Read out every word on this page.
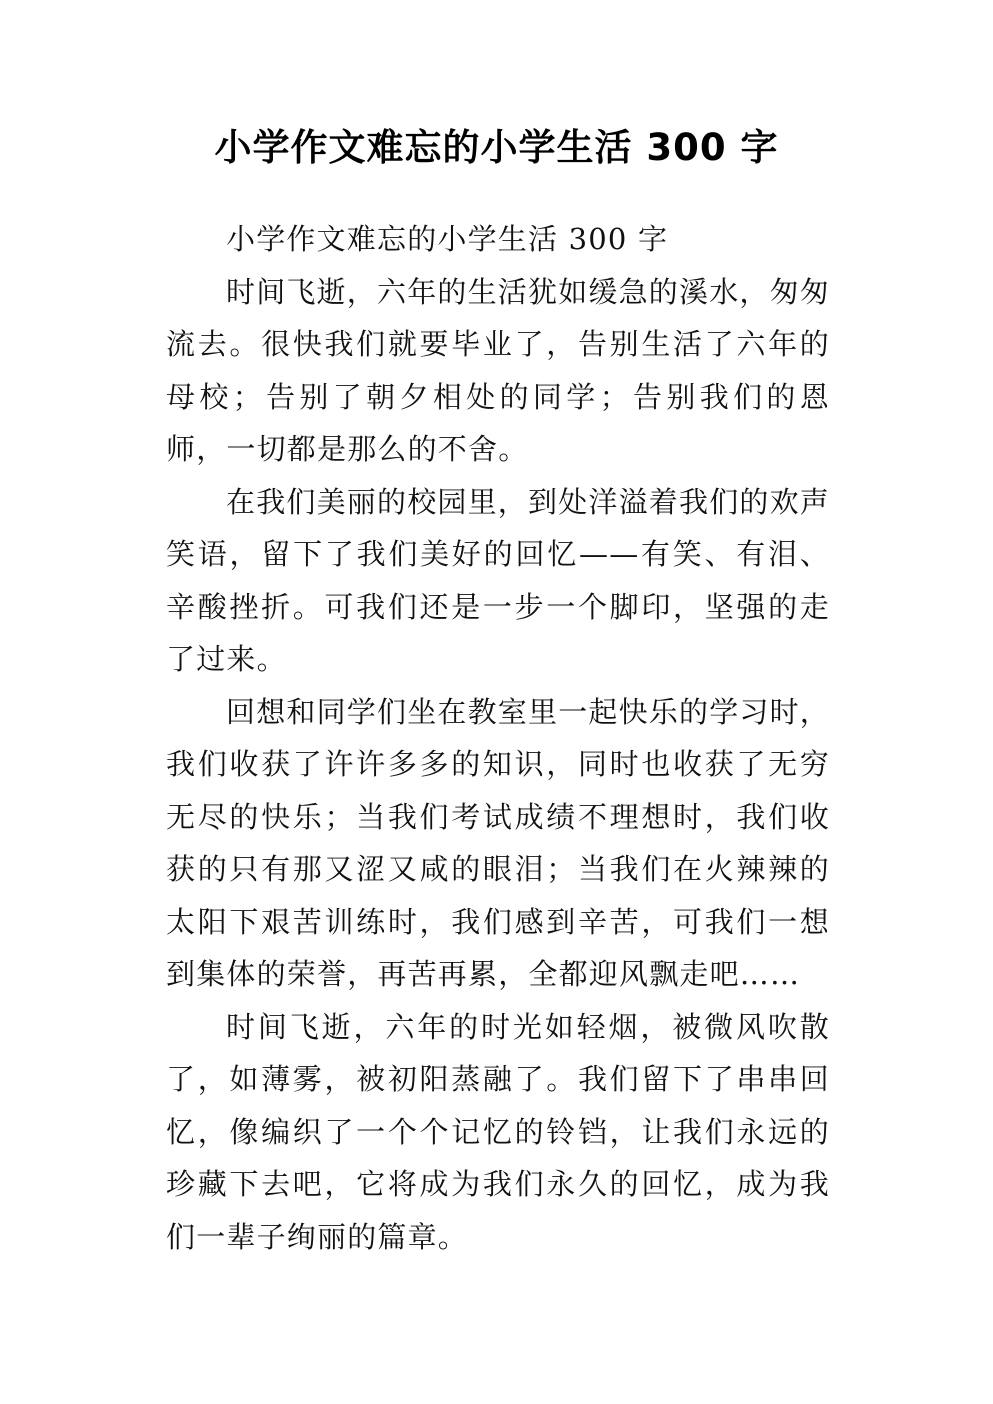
小学作文难忘的小学生活 300 字

小学作文难忘的小学生活 300 字

时间飞逝，六年的生活犹如缓急的溪水，匆匆流去。很快我们就要毕业了，告别生活了六年的母校；告别了朝夕相处的同学；告别我们的恩师，一切都是那么的不舍。

在我们美丽的校园里，到处洋溢着我们的欢声笑语，留下了我们美好的回忆——有笑、有泪、辛酸挫折。可我们还是一步一个脚印，坚强的走了过来。

回想和同学们坐在教室里一起快乐的学习时，我们收获了许许多多的知识，同时也收获了无穷无尽的快乐；当我们考试成绩不理想时，我们收获的只有那又涩又咸的眼泪；当我们在火辣辣的太阳下艰苦训练时，我们感到辛苦，可我们一想到集体的荣誉，再苦再累，全都迎风飘走吧……

时间飞逝，六年的时光如轻烟，被微风吹散了，如薄雾，被初阳蒸融了。我们留下了串串回忆，像编织了一个个记忆的铃铛，让我们永远的珍藏下去吧，它将成为我们永久的回忆，成为我们一辈子绚丽的篇章。
